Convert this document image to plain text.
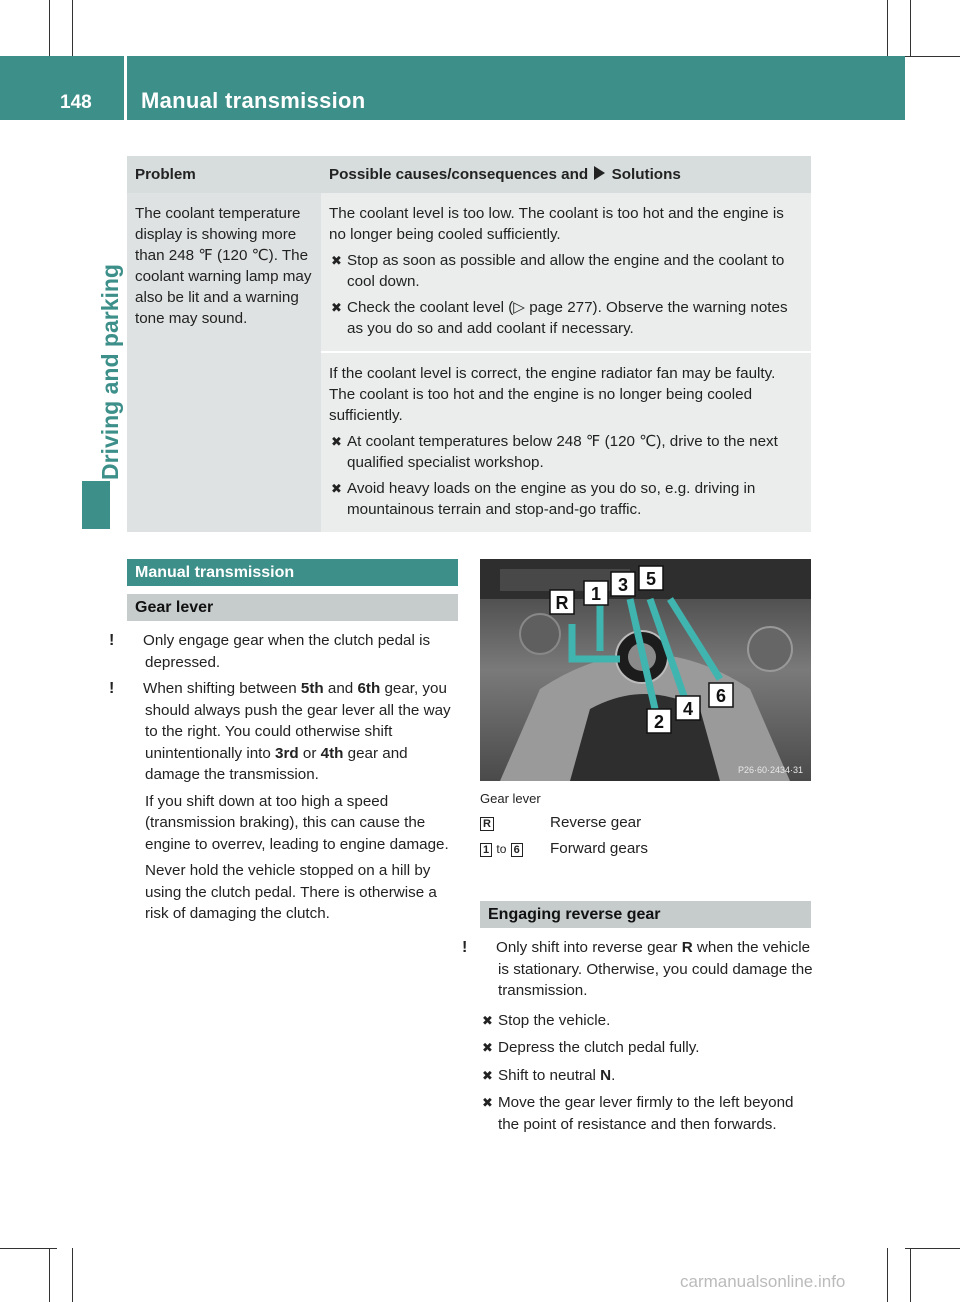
148	Manual transmission
Driving and parking
Problem	Possible causes/consequences and Solutions
The coolant temperature display is showing more than 248 ℉ (120 ℃). The coolant warning lamp may also be lit and a warning tone may sound.	The coolant level is too low. The coolant is too hot and the engine is no longer being cooled sufficiently.
✖ Stop as soon as possible and allow the engine and the coolant to cool down.
✖ Check the coolant level (▷ page 277). Observe the warning notes as you do so and add coolant if necessary.

	If the coolant level is correct, the engine radiator fan may be faulty. The coolant is too hot and the engine is no longer being cooled sufficiently.
✖ At coolant temperatures below 248 ℉ (120 ℃), drive to the next qualified specialist workshop.
✖ Avoid heavy loads on the engine as you do so, e.g. driving in mountainous terrain and stop-and-go traffic.
Manual transmission
Gear lever

! Only engage gear when the clutch pedal is depressed.

! When shifting between 5th and 6th gear, you should always push the gear lever all the way to the right. You could otherwise shift unintentionally into 3rd or 4th gear and damage the transmission.

If you shift down at too high a speed (transmission braking), this can cause the engine to overrev, leading to engine damage.

Never hold the vehicle stopped on a hill by using the clutch pedal. There is otherwise a risk of damaging the clutch.

R 1 3 5
2
4
6
P26·60·2434·31
Gear lever
R	Reverse gear
1 to 6 Forward gears
Engaging reverse gear

! Only shift into reverse gear R when the vehicle is stationary. Otherwise, you could damage the transmission.

✖ Stop the vehicle.
✖ Depress the clutch pedal fully.
✖ Shift to neutral N.
✖ Move the gear lever firmly to the left beyond the point of resistance and then forwards.
carmanualsonline.info
